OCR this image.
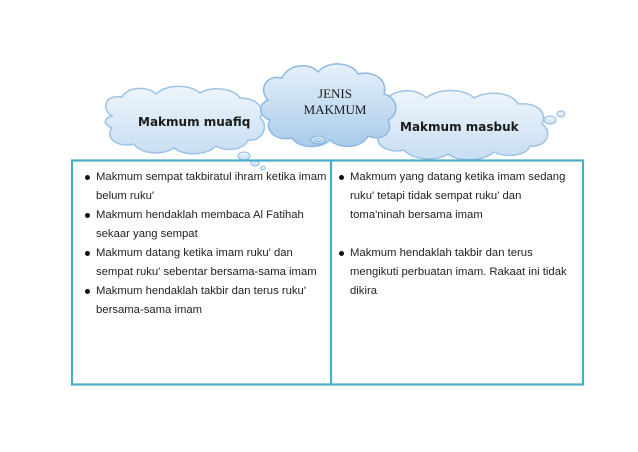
Makmum muafiq	Makmum masbuk
JENIS
MAKMUM
Makmum sempat takbiratul ihram ketika imam belum ruku'
Makmum hendaklah membaca Al Fatihah sekaar yang sempat
Makmum datang ketika imam ruku' dan sempat ruku' sebentar bersama-sama imam
Makmum hendaklah takbir dan terus ruku' bersama-sama imam
Makmum yang datang ketika imam sedang ruku' tetapi tidak sempat ruku' dan toma'ninah bersama imam
Makmum hendaklah takbir dan terus mengikuti perbuatan imam. Rakaat ini tidak dikira
